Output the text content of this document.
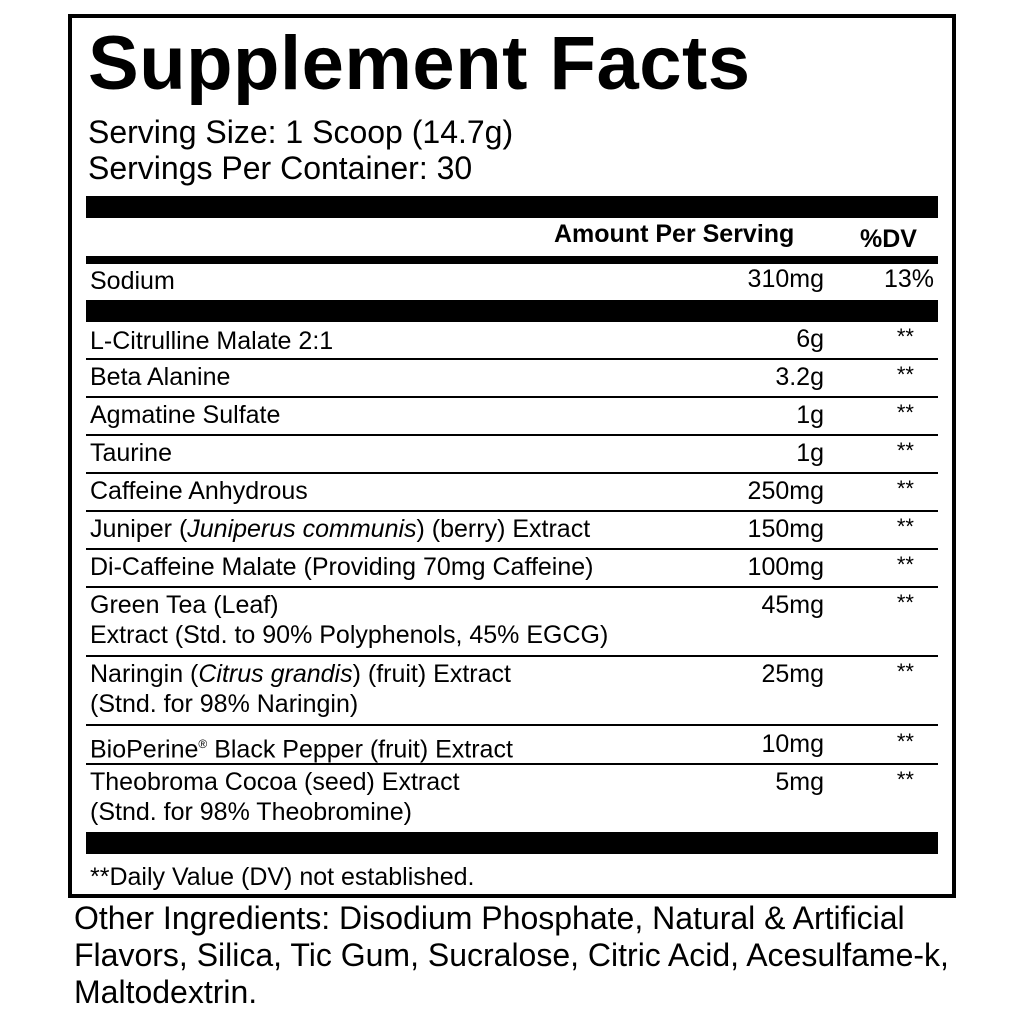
Supplement Facts
Serving Size: 1 Scoop (14.7g)
Servings Per Container: 30
Amount Per Serving	%DV
Sodium	310mg 13%
L-Citrulline Malate 2:1	6g	**
Beta Alanine	3.2g	**
Agmatine Sulfate	1g	**
Taurine	1g	**
Caffeine Anhydrous	250mg	**
Juniper (Juniperus communis) (berry) Extract	150mg	**
Di-Caffeine Malate (Providing 70mg Caffeine)	100mg	**
Green Tea (Leaf)
Extract (Std. to 90% Polyphenols, 45% EGCG)
45mg	**
Naringin (Citrus grandis) (fruit) Extract
(Stnd. for 98% Naringin)
25mg	**
BioPerine® Black Pepper (fruit) Extract	10mg	**
Theobroma Cocoa (seed) Extract
(Stnd. for 98% Theobromine)
5mg	**
**Daily Value (DV) not established.
Other Ingredients: Disodium Phosphate, Natural & Artificial Flavors, Silica, Tic Gum, Sucralose, Citric Acid, Acesulfame-k, Maltodextrin.
